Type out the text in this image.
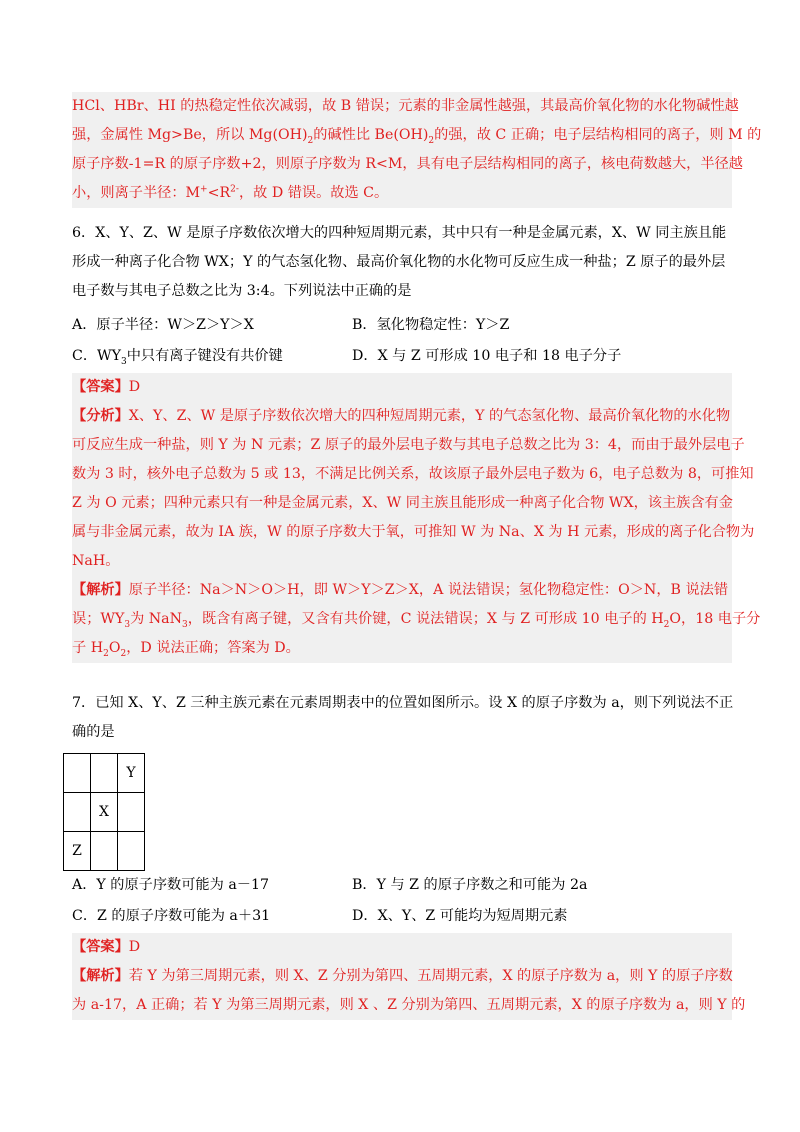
HCl、HBr、HI 的热稳定性依次减弱，故 B 错误；元素的非金属性越强，其最高价氧化物的水化物碱性越
强，金属性 Mg>Be，所以 $Mg(OH)_2$的碱性比 $Be(OH)_2$的强，故 C 正确；电子层结构相同的离子，则 M 的
原子序数-1=R 的原子序数+2，则原子序数为 R<M，具有电子层结构相同的离子，核电荷数越大，半径越
小，则离子半径：$M^+<R^{2-}$，故 D 错误。故选 C。
6．X、Y、Z、W 是原子序数依次增大的四种短周期元素，其中只有一种是金属元素，X、W 同主族且能
形成一种离子化合物 WX；Y 的气态氢化物、最高价氧化物的水化物可反应生成一种盐；Z 原子的最外层
电子数与其电子总数之比为 3:4。下列说法中正确的是
A．原子半径：W＞Z＞Y＞X	B．氢化物稳定性：Y＞Z
C．$WY_3$中只有离子键没有共价键	D．X 与 Z 可形成 10 电子和 18 电子分子
【答案】D
【分析】X、Y、Z、W 是原子序数依次增大的四种短周期元素，Y 的气态氢化物、最高价氧化物的水化物
可反应生成一种盐，则 Y 为 N 元素；Z 原子的最外层电子数与其电子总数之比为 3：4，而由于最外层电子
数为 3 时，核外电子总数为 5 或 13，不满足比例关系，故该原子最外层电子数为 6，电子总数为 8，可推知
Z 为 O 元素；四种元素只有一种是金属元素，X、W 同主族且能形成一种离子化合物 WX，该主族含有金
属与非金属元素，故为 IA 族，W 的原子序数大于氧，可推知 W 为 Na、X 为 H 元素，形成的离子化合物为
NaH。
【解析】原子半径：Na＞N＞O＞H，即 W＞Y＞Z＞X，A 说法错误；氢化物稳定性：O＞N，B 说法错
误；$WY_3$为 NaN$_3$，既含有离子键，又含有共价键，C 说法错误；X 与 Z 可形成 10 电子的 $H_2O$，18 电子分
子 $H_2O_2$，D 说法正确；答案为 D。
7．已知 X、Y、Z 三种主族元素在元素周期表中的位置如图所示。设 X 的原子序数为 a，则下列说法不正
确的是
		Y
	X	
Z		
A．Y 的原子序数可能为 a－17	B．Y 与 Z 的原子序数之和可能为 2a
C．Z 的原子序数可能为 a＋31	D．X、Y、Z 可能均为短周期元素
【答案】D
【解析】若 Y 为第三周期元素，则 X、Z 分别为第四、五周期元素，X 的原子序数为 a，则 Y 的原子序数
为 a-17，A 正确；若 Y 为第三周期元素，则 X 、Z 分别为第四、五周期元素，X 的原子序数为 a，则 Y 的
